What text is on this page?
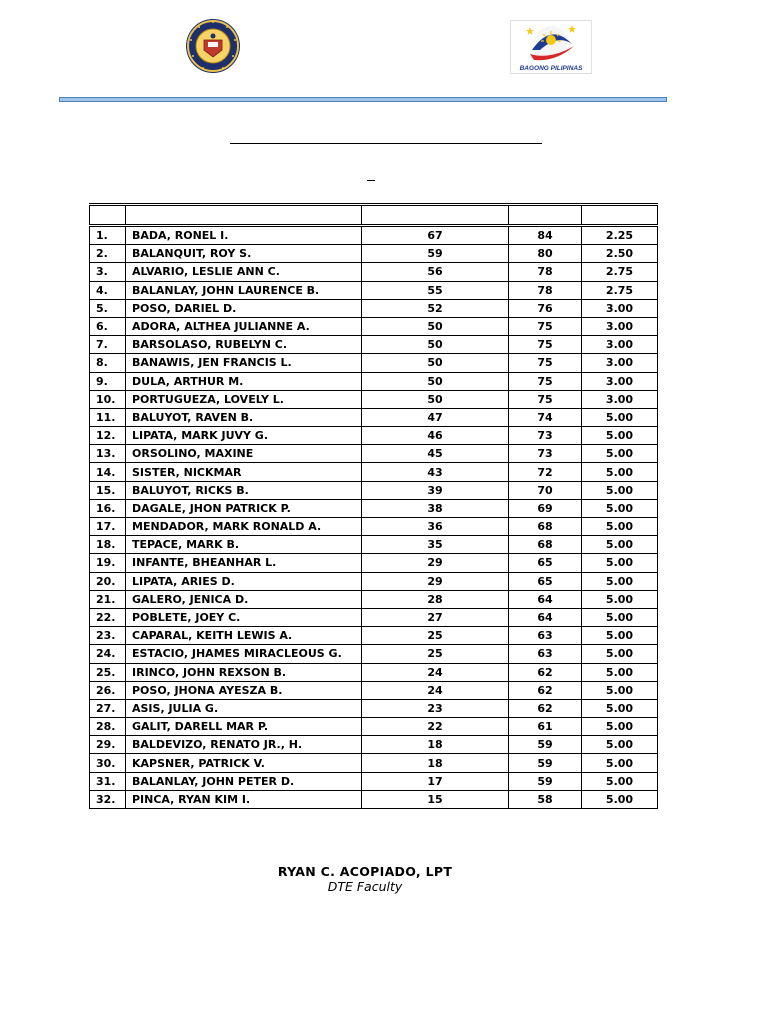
BAGONG PILIPINAS

1.	BADA, RONEL I.	67	84	2.25
2.	BALANQUIT, ROY S.	59	80	2.50
3.	ALVARIO, LESLIE ANN C.	56	78	2.75
4.	BALANLAY, JOHN LAURENCE B.	55	78	2.75
5.	POSO, DARIEL D.	52	76	3.00
6.	ADORA, ALTHEA JULIANNE A.	50	75	3.00
7.	BARSOLASO, RUBELYN C.	50	75	3.00
8.	BANAWIS, JEN FRANCIS L.	50	75	3.00
9.	DULA, ARTHUR M.	50	75	3.00
10.	PORTUGUEZA, LOVELY L.	50	75	3.00
11.	BALUYOT, RAVEN B.	47	74	5.00
12.	LIPATA, MARK JUVY G.	46	73	5.00
13.	ORSOLINO, MAXINE	45	73	5.00
14.	SISTER, NICKMAR	43	72	5.00
15.	BALUYOT, RICKS B.	39	70	5.00
16.	DAGALE, JHON PATRICK P.	38	69	5.00
17.	MENDADOR, MARK RONALD A.	36	68	5.00
18.	TEPACE, MARK B.	35	68	5.00
19.	INFANTE, BHEANHAR L.	29	65	5.00
20.	LIPATA, ARIES D.	29	65	5.00
21.	GALERO, JENICA D.	28	64	5.00
22.	POBLETE, JOEY C.	27	64	5.00
23.	CAPARAL, KEITH LEWIS A.	25	63	5.00
24.	ESTACIO, JHAMES MIRACLEOUS G.	25	63	5.00
25.	IRINCO, JOHN REXSON B.	24	62	5.00
26.	POSO, JHONA AYESZA B.	24	62	5.00
27.	ASIS, JULIA G.	23	62	5.00
28.	GALIT, DARELL MAR P.	22	61	5.00
29.	BALDEVIZO, RENATO JR., H.	18	59	5.00
30.	KAPSNER, PATRICK V.	18	59	5.00
31.	BALANLAY, JOHN PETER D.	17	59	5.00
32.	PINCA, RYAN KIM I.	15	58	5.00
RYAN C. ACOPIADO, LPT
DTE Faculty
